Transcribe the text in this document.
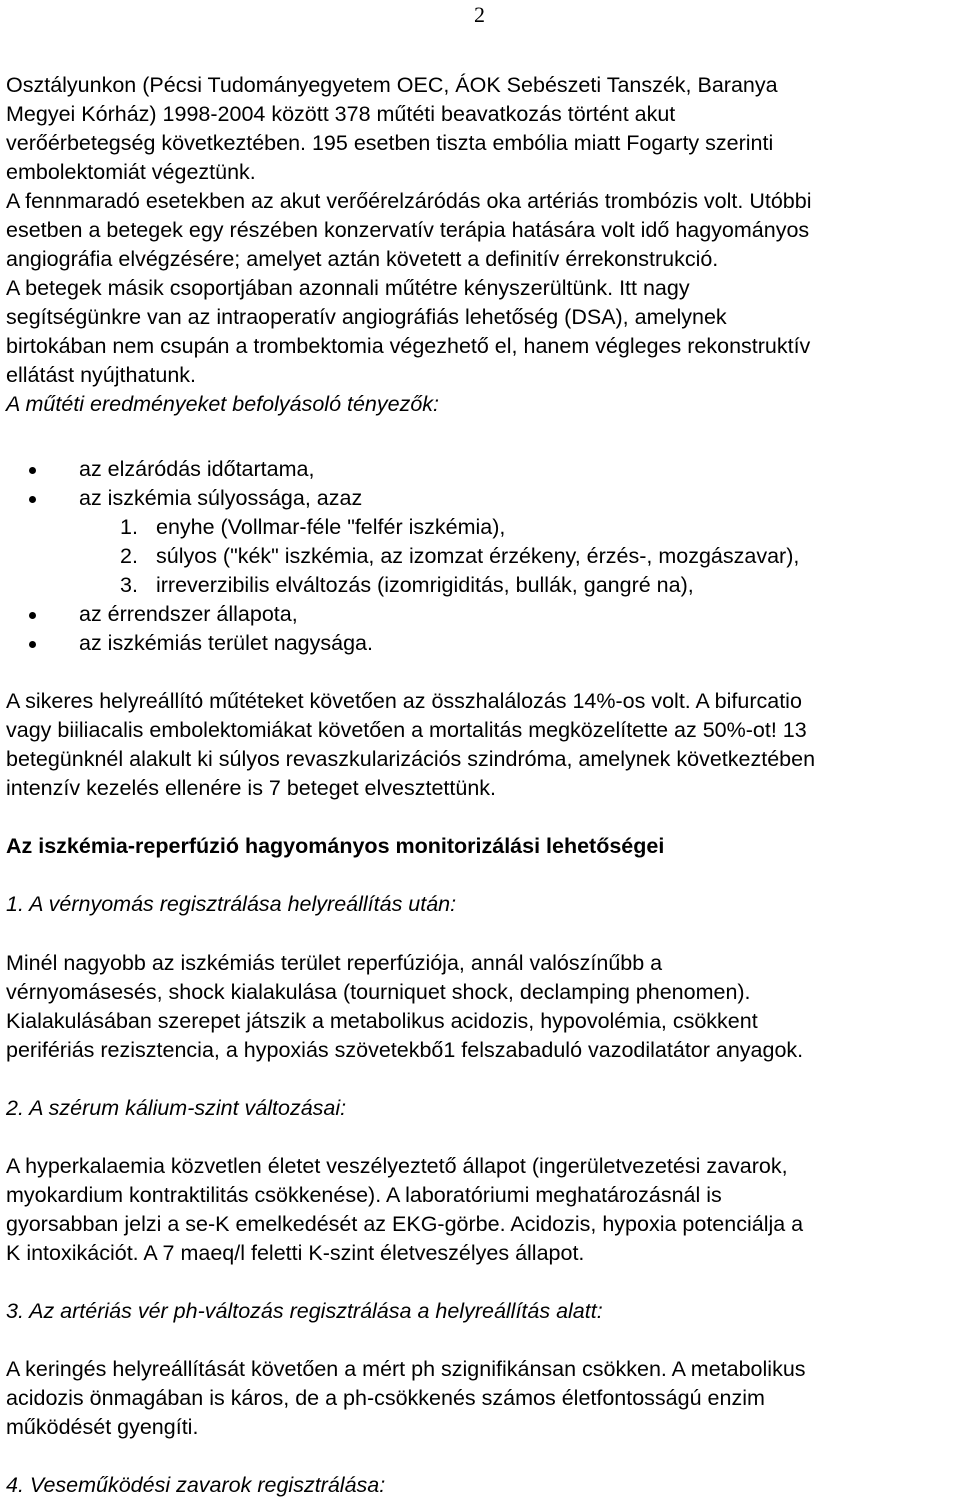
2

Osztályunkon (Pécsi Tudományegyetem OEC, ÁOK Sebészeti Tanszék, Baranya

Megyei Kórház) 1998-2004 között 378 műtéti beavatkozás történt akut

verőérbetegség következtében. 195 esetben tiszta embólia miatt Fogarty szerinti

embolektomiát végeztünk.

A fennmaradó esetekben az akut verőérelzáródás oka artériás trombózis volt. Utóbbi

esetben a betegek egy részében konzervatív terápia hatására volt idő hagyományos

angiográfia elvégzésére; amelyet aztán követett a definitív érrekonstrukció.

A betegek másik csoportjában azonnali műtétre kényszerültünk. Itt nagy

segítségünkre van az intraoperatív angiográfiás lehetőség (DSA), amelynek

birtokában nem csupán a trombektomia végezhető el, hanem végleges rekonstruktív

ellátást nyújthatunk.

A műtéti eredményeket befolyásoló tényezők:

az elzáródás időtartama,
az iszkémia súlyossága, azaz
1. enyhe (Vollmar-féle "felfér iszkémia),
2. súlyos ("kék" iszkémia, az izomzat érzékeny, érzés-, mozgászavar),
3. irreverzibilis elváltozás (izomrigiditás, bullák, gangré na),
az érrendszer állapota,
az iszkémiás terület nagysága.

A sikeres helyreállító műtéteket követően az összhalálozás 14%-os volt. A bifurcatio

vagy biiliacalis embolektomiákat követően a mortalitás megközelítette az 50%-ot! 13

betegünknél alakult ki súlyos revaszkularizációs szindróma, amelynek következtében

intenzív kezelés ellenére is 7 beteget elvesztettünk.

Az iszkémia-reperfúzió hagyományos monitorizálási lehetőségei

1. A vérnyomás regisztrálása helyreállítás után:

Minél nagyobb az iszkémiás terület reperfúziója, annál valószínűbb a

vérnyomásesés, shock kialakulása (tourniquet shock, declamping phenomen).

Kialakulásában szerepet játszik a metabolikus acidozis, hypovolémia, csökkent

perifériás rezisztencia, a hypoxiás szövetekbő1 felszabaduló vazodilatátor anyagok.

2. A szérum kálium-szint változásai:

A hyperkalaemia közvetlen életet veszélyeztető állapot (ingerületvezetési zavarok,

myokardium kontraktilitás csökkenése). A laboratóriumi meghatározásnál is

gyorsabban jelzi a se-K emelkedését az EKG-görbe. Acidozis, hypoxia potenciálja a

K intoxikációt. A 7 maeq/l feletti K-szint életveszélyes állapot.

3. Az artériás vér ph-változás regisztrálása a helyreállítás alatt:

A keringés helyreállítását követően a mért ph szignifikánsan csökken. A metabolikus

acidozis önmagában is káros, de a ph-csökkenés számos életfontosságú enzim

működését gyengíti.

4. Veseműködési zavarok regisztrálása:
